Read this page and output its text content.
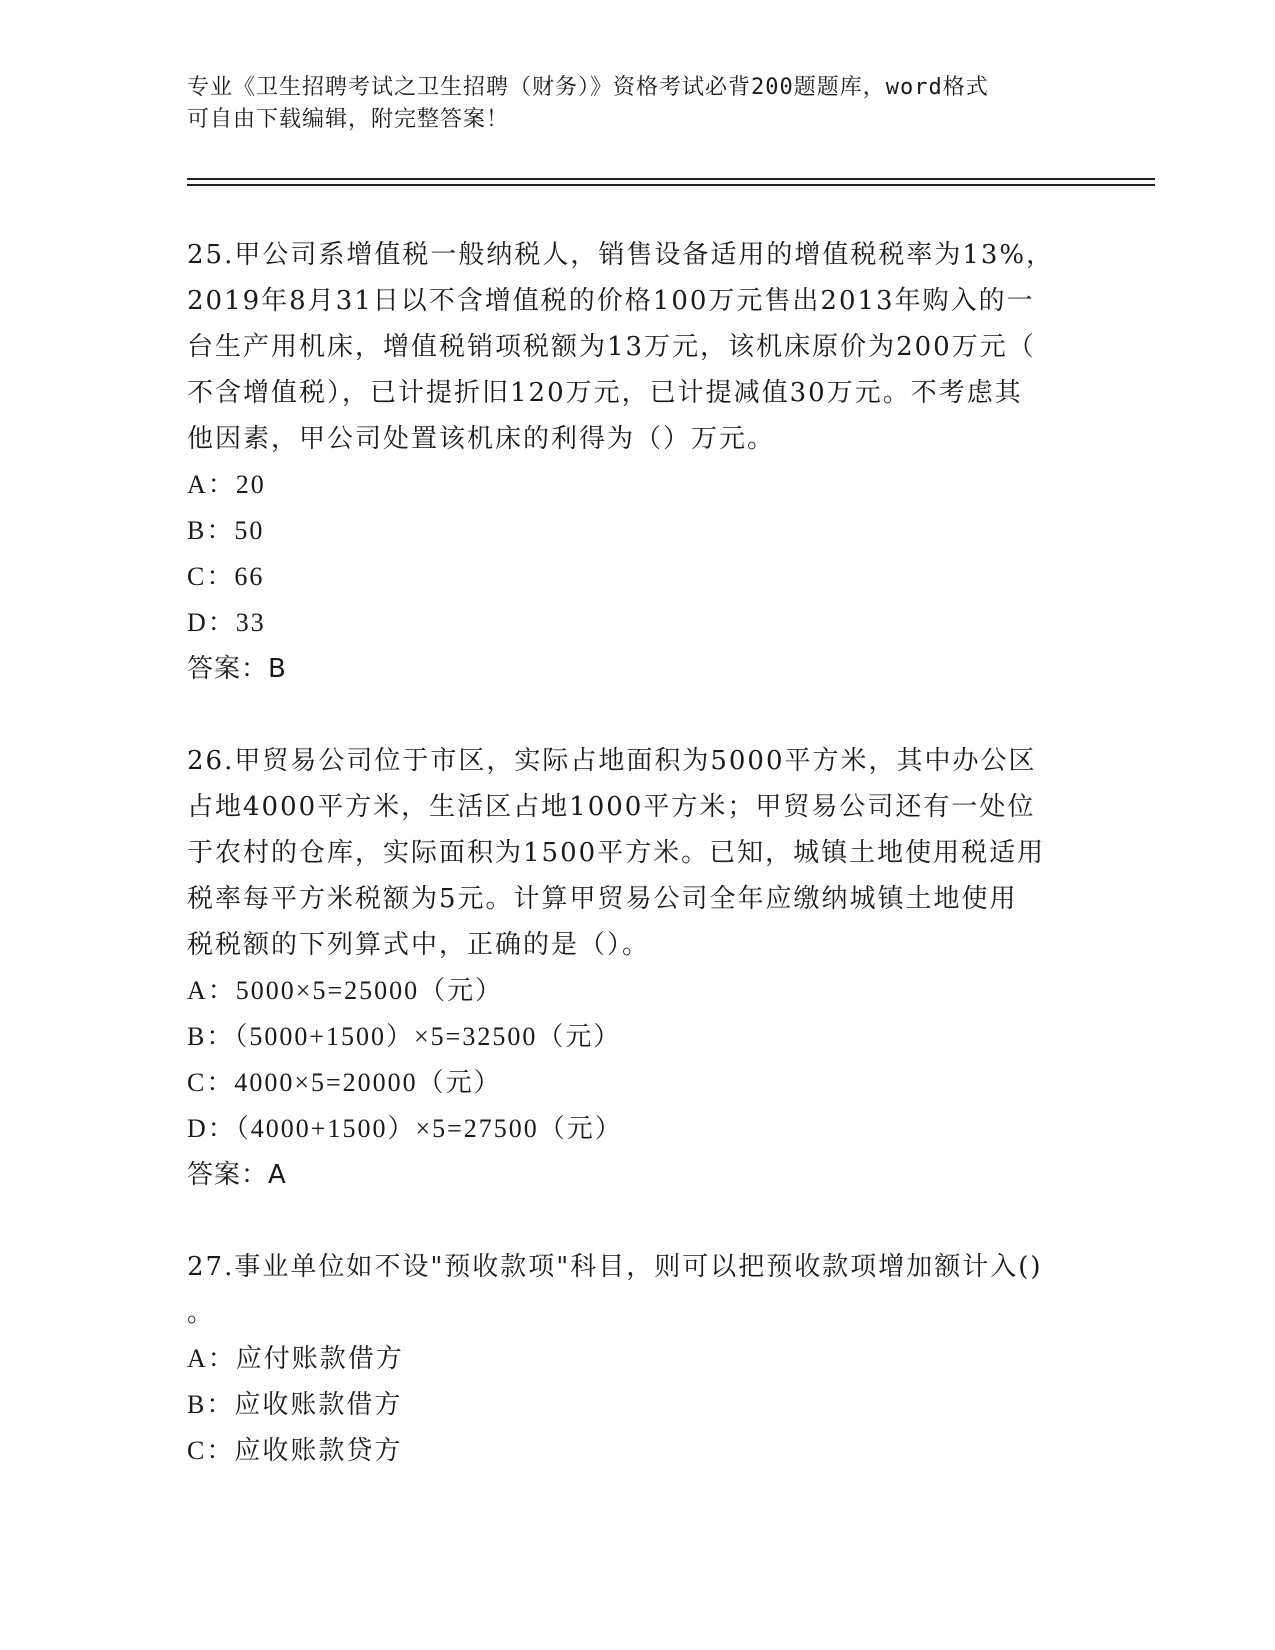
专业《卫生招聘考试之卫生招聘（财务）》资格考试必背200题题库，word格式
可自由下载编辑，附完整答案！
25.甲公司系增值税一般纳税人，销售设备适用的增值税税率为13%，
2019年8月31日以不含增值税的价格100万元售出2013年购入的一
台生产用机床，增值税销项税额为13万元，该机床原价为200万元（
不含增值税），已计提折旧120万元，已计提减值30万元。不考虑其
他因素，甲公司处置该机床的利得为（）万元。
A：20
B：50
C：66
D：33
答案：B
26.甲贸易公司位于市区，实际占地面积为5000平方米，其中办公区
占地4000平方米，生活区占地1000平方米；甲贸易公司还有一处位
于农村的仓库，实际面积为1500平方米。已知，城镇土地使用税适用
税率每平方米税额为5元。计算甲贸易公司全年应缴纳城镇土地使用
税税额的下列算式中，正确的是（）。
A：5000×5=25000（元）
B：（5000+1500）×5=32500（元）
C：4000×5=20000（元）
D：（4000+1500）×5=27500（元）
答案：A
27.事业单位如不设"预收款项"科目，则可以把预收款项增加额计入()
。
A：应付账款借方
B：应收账款借方
C：应收账款贷方
